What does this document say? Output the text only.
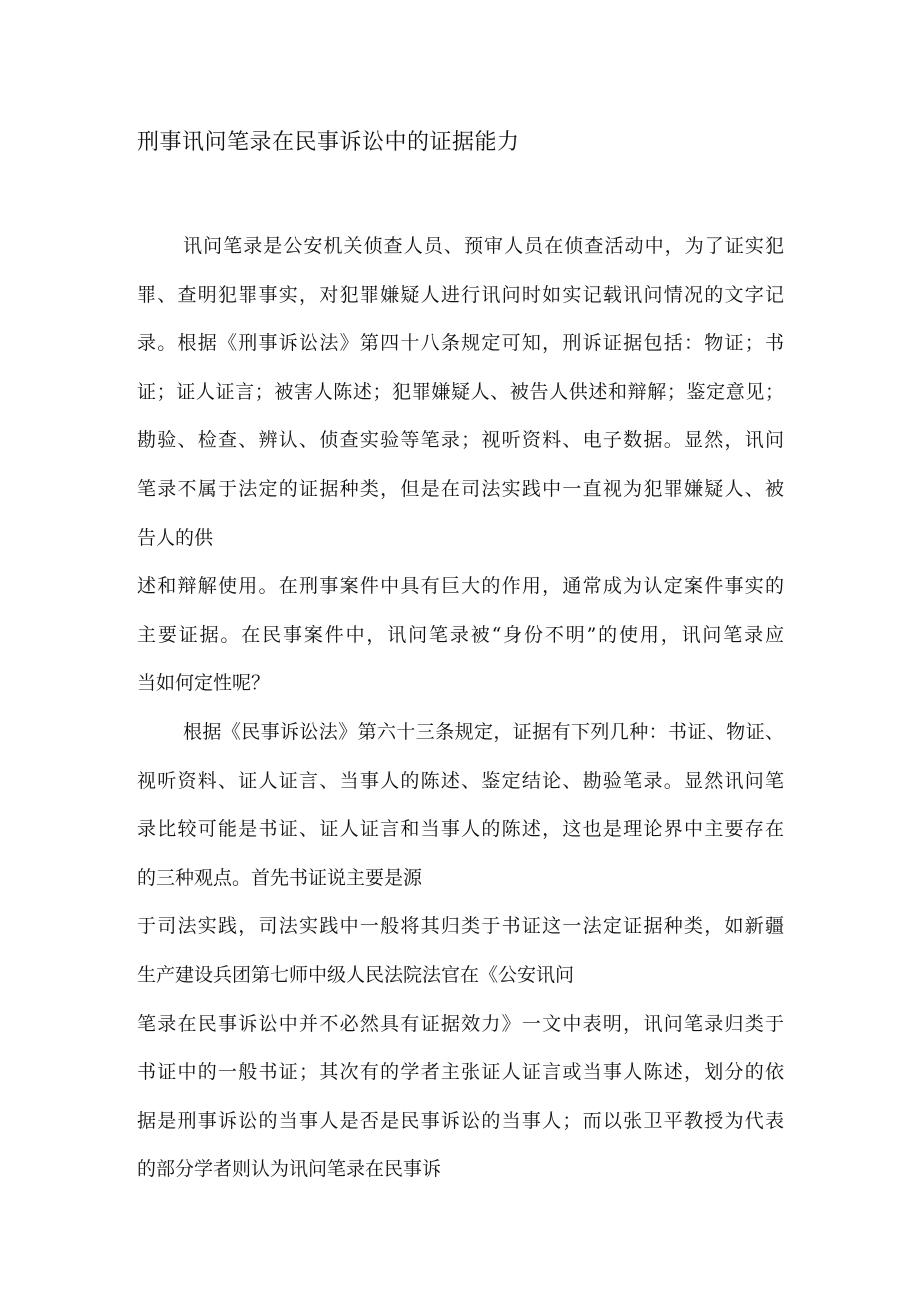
刑事讯问笔录在民事诉讼中的证据能力
讯问笔录是公安机关侦查人员、预审人员在侦查活动中，为了证实犯
罪、查明犯罪事实，对犯罪嫌疑人进行讯问时如实记载讯问情况的文字记
录。根据《刑事诉讼法》第四十八条规定可知，刑诉证据包括：物证；书
证；证人证言；被害人陈述；犯罪嫌疑人、被告人供述和辩解；鉴定意见；
勘验、检查、辨认、侦查实验等笔录；视听资料、电子数据。显然，讯问
笔录不属于法定的证据种类，但是在司法实践中一直视为犯罪嫌疑人、被
告人的供
述和辩解使用。在刑事案件中具有巨大的作用，通常成为认定案件事实的
主要证据。在民事案件中，讯问笔录被“身份不明”的使用，讯问笔录应
当如何定性呢？
根据《民事诉讼法》第六十三条规定，证据有下列几种：书证、物证、
视听资料、证人证言、当事人的陈述、鉴定结论、勘验笔录。显然讯问笔
录比较可能是书证、证人证言和当事人的陈述，这也是理论界中主要存在
的三种观点。首先书证说主要是源
于司法实践，司法实践中一般将其归类于书证这一法定证据种类，如新疆
生产建设兵团第七师中级人民法院法官在《公安讯问
笔录在民事诉讼中并不必然具有证据效力》一文中表明，讯问笔录归类于
书证中的一般书证；其次有的学者主张证人证言或当事人陈述，划分的依
据是刑事诉讼的当事人是否是民事诉讼的当事人；而以张卫平教授为代表
的部分学者则认为讯问笔录在民事诉
